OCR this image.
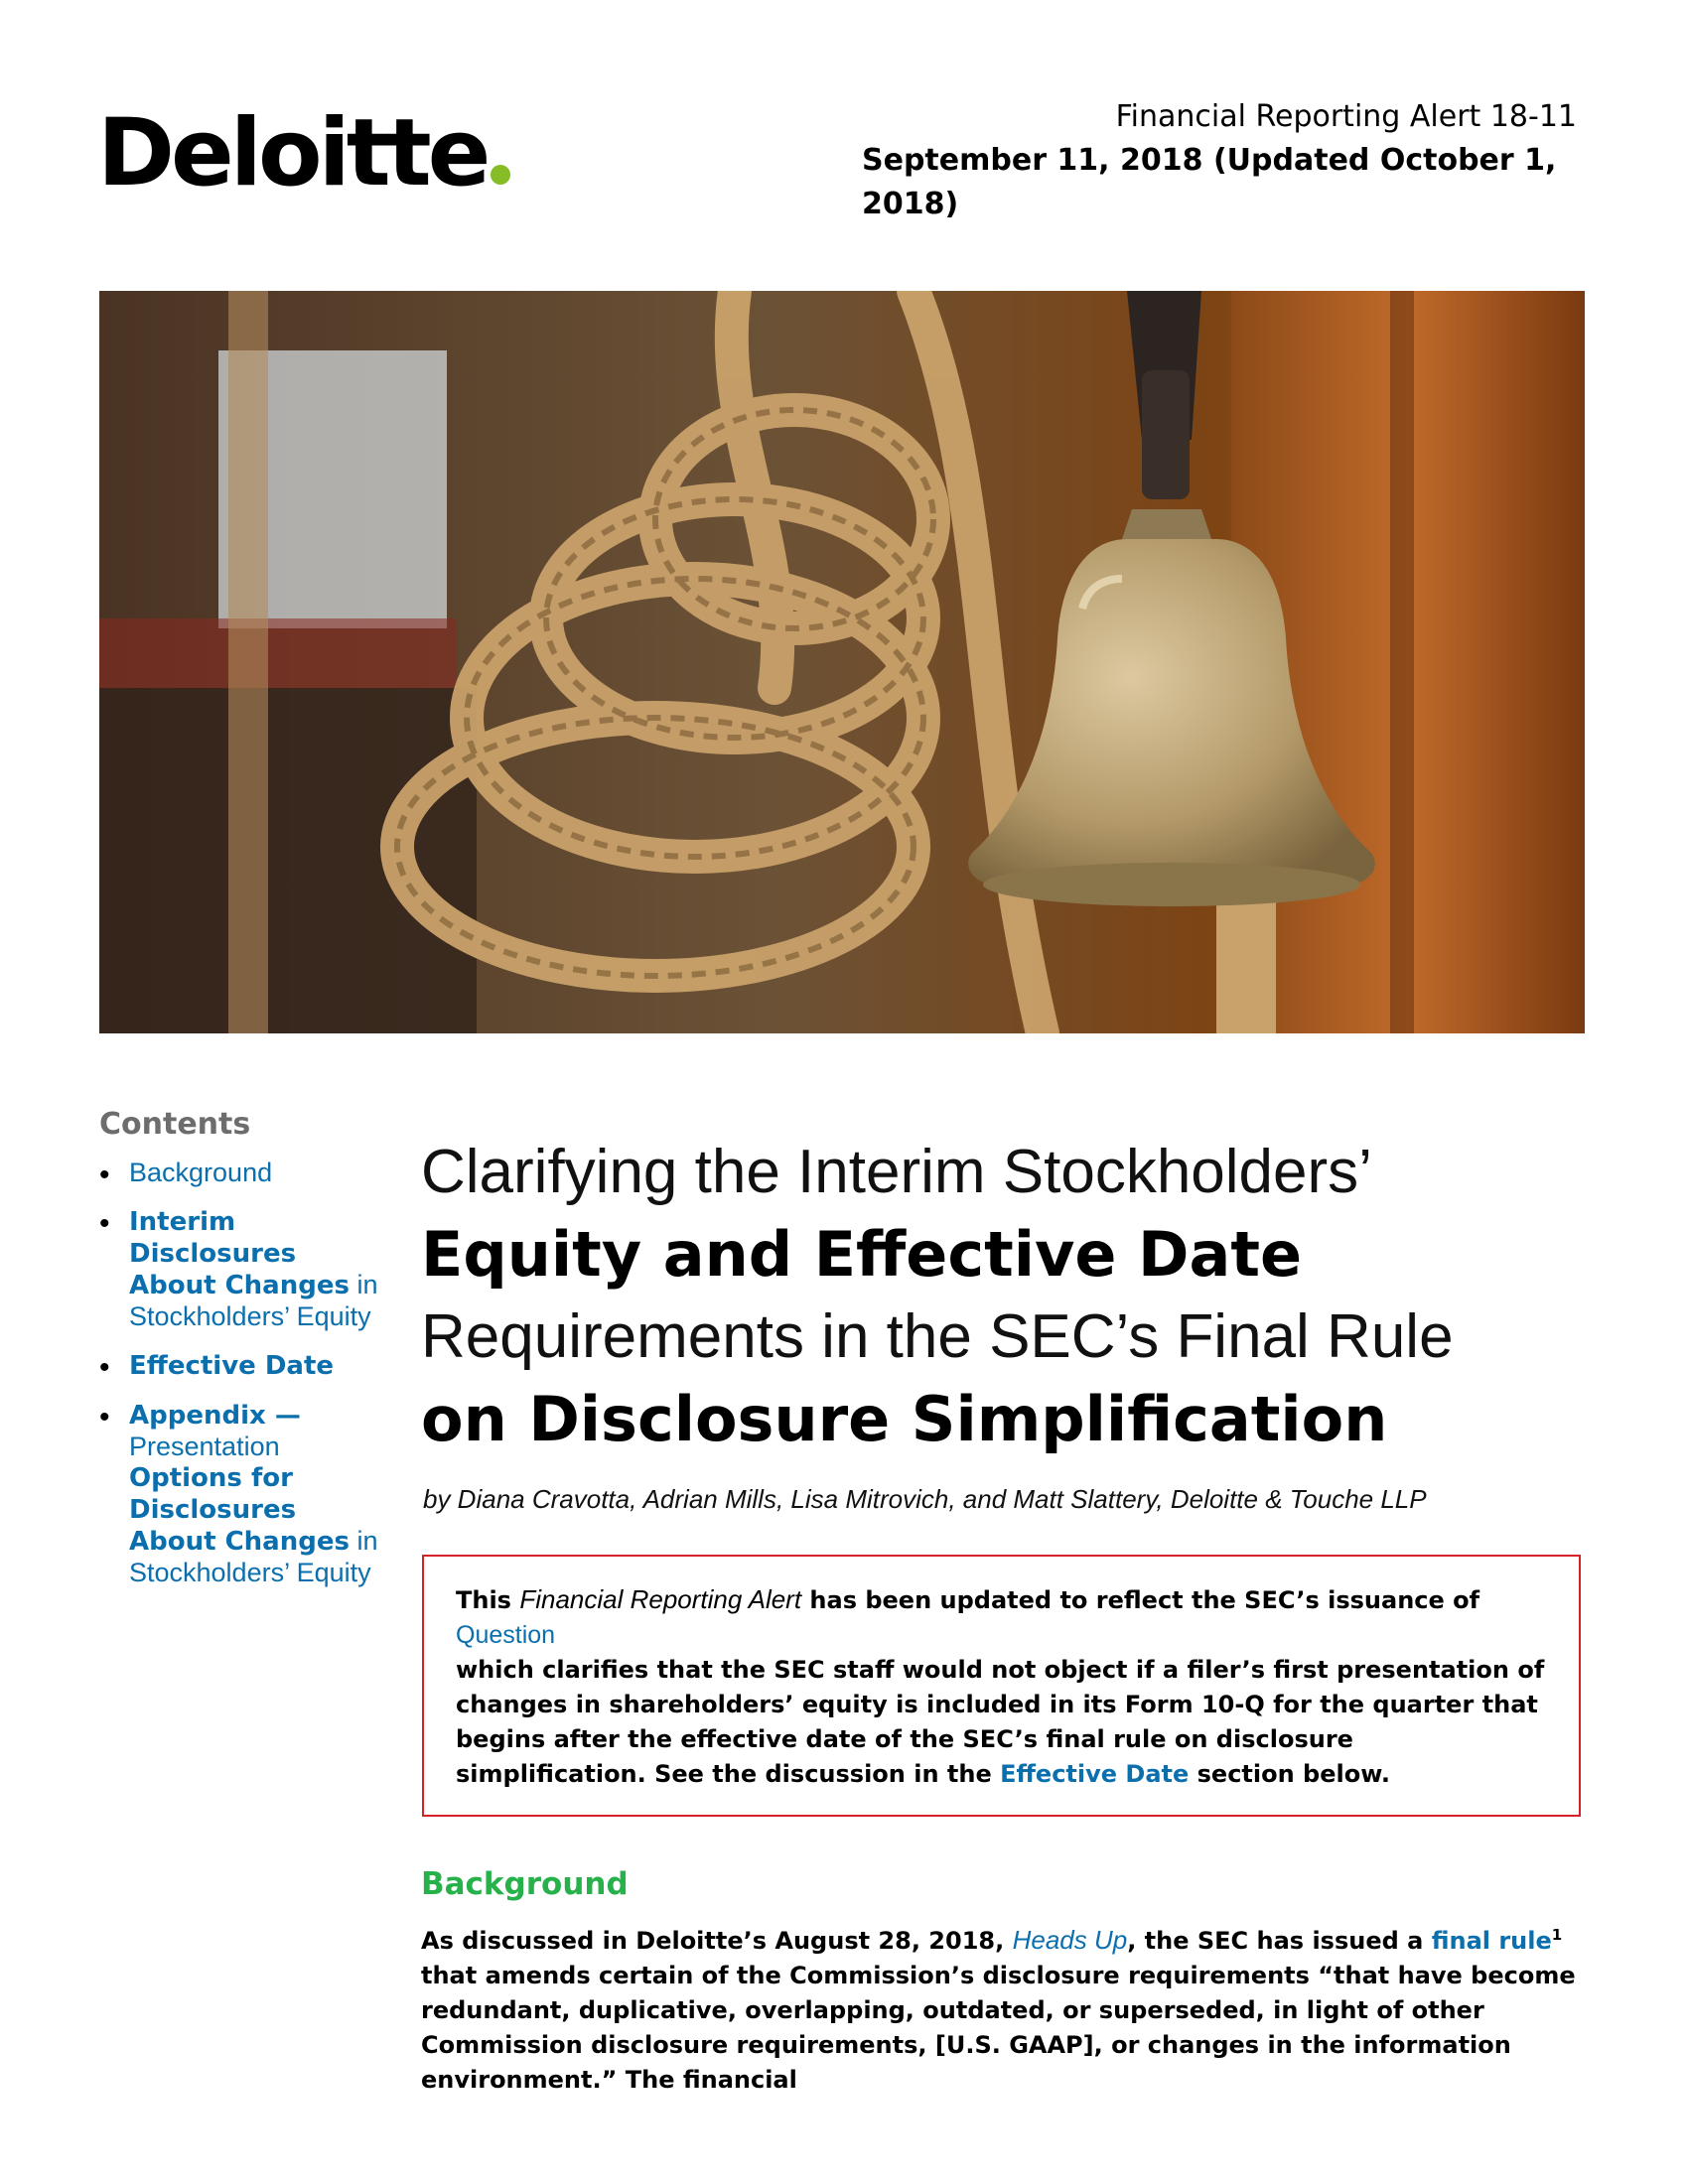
Deloitte	Financial Reporting Alert 18-11
September 11, 2018 (Updated October 1, 2018)
Contents
• Background
• Interim Disclosures About Changes in Stockholders’ Equity
• Effective Date
• Appendix — Presentation Options for Disclosures About Changes in Stockholders’ Equity
Clarifying the Interim Stockholders’
Equity and Effective Date
Requirements in the SEC’s Final Rule
on Disclosure Simplification
by Diana Cravotta, Adrian Mills, Lisa Mitrovich, and Matt Slattery, Deloitte & Touche LLP

This Financial Reporting Alert has been updated to reflect the SEC’s issuance of
Question
which clarifies that the SEC staff would not object if a filer’s first presentation of changes in shareholders’ equity is included in its Form 10-Q for the quarter that begins after the effective date of the SEC’s final rule on disclosure simplification. See the discussion in the Effective Date section below.

Background
As discussed in Deloitte’s August 28, 2018, Heads Up, the SEC has issued a final rule$^1$ that amends certain of the Commission’s disclosure requirements “that have become redundant, duplicative, overlapping, outdated, or superseded, in light of other Commission disclosure requirements, [U.S. GAAP], or changes in the information environment.” The financial
